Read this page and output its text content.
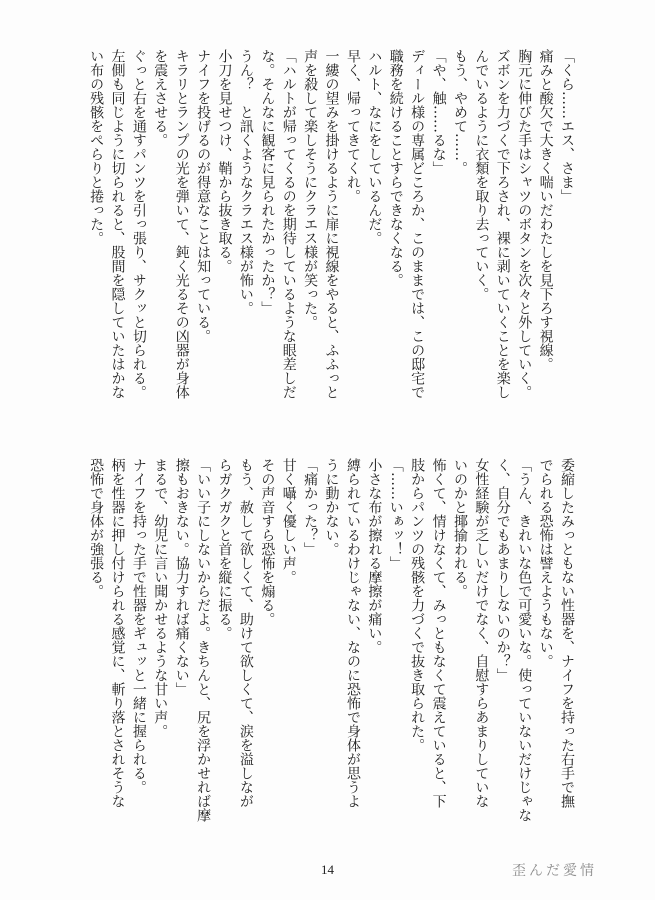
「くら……エス、さま」
痛みと酸欠で大きく喘いだわたしを見下ろす視線。
胸元に伸びた手はシャツのボタンを次々と外していく。
ズボンを力づくで下ろされ、裸に剥いていくことを楽し
んでいるように衣類を取り去っていく。
もう、やめて……。
「や、触……るな」
ディール様の専属どころか、このままでは、この邸宅で
職務を続けることすらできなくなる。
ハルト、なにをしているんだ。
早く、帰ってきてくれ。
一縷の望みを掛けるように扉に視線をやると、ふふっと
声を殺して楽しそうにクラエス様が笑った。
「ハルトが帰ってくるのを期待しているような眼差しだ
な。そんなに観客に見られたかったか？」
うん？　と訊くようなクラエス様が怖い。
小刀を見せつけ、鞘から抜き取る。
ナイフを投げるのが得意なことは知っている。
キラリとランプの光を弾いて、鈍く光るその凶器が身体
を震えさせる。
ぐっと右を通すパンツを引っ張り、サクッと切られる。
左側も同じように切られると、股間を隠していたはかな
い布の残骸をぺらりと捲った。
委縮したみっともない性器を、ナイフを持った右手で撫
でられる恐怖は譬えようもない。
「うん、きれいな色で可愛いな。使っていないだけじゃな
く、自分でもあまりしないのか？」
女性経験が乏しいだけでなく、自慰すらあまりしていな
いのかと揶揄われる。
怖くて、情けなくて、みっともなくて震えていると、下
肢からパンツの残骸を力づくで抜き取られた。
「……いぁッ！」
小さな布が擦れる摩擦が痛い。
縛られているわけじゃない、なのに恐怖で身体が思うよ
うに動かない。
「痛かった？」
甘く囁く優しい声。
その声音すら恐怖を煽る。
もう、赦して欲しくて、助けて欲しくて、涙を溢しなが
らガクガクと首を縦に振る。
「いい子にしないからだよ。きちんと、尻を浮かせれば摩
擦もおきない。協力すれば痛くない」
まるで、幼児に言い聞かせるような甘い声。
ナイフを持った手で性器をギュッと一緒に握られる。
柄を性器に押し付けられる感覚に、斬り落とされそうな
恐怖で身体が強張る。
14	歪んだ愛情
